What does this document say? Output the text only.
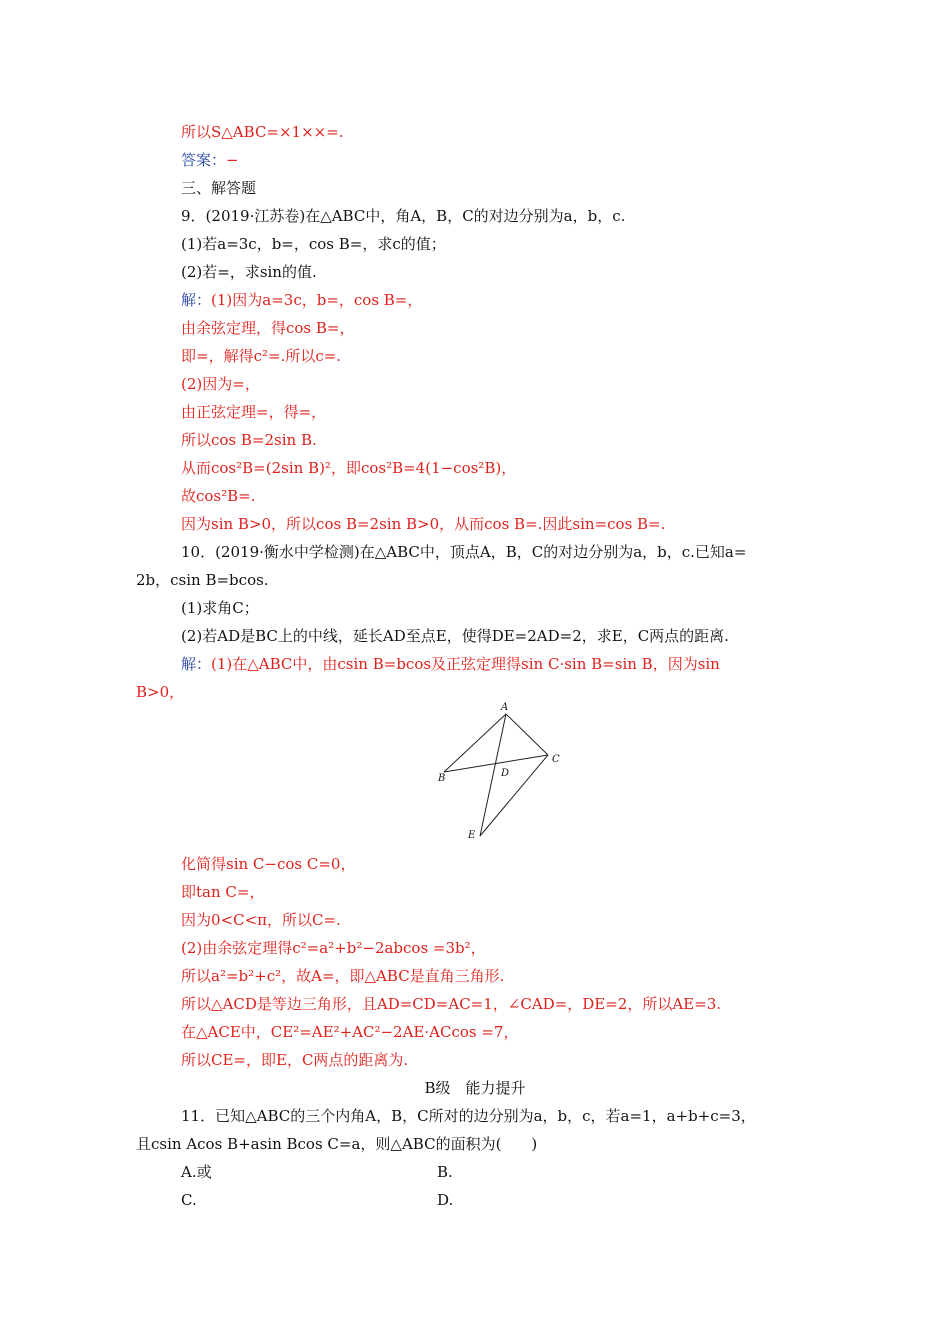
所以S△ABC=×1××=.
答案：−
三、解答题
9．(2019·江苏卷)在△ABC中，角A，B，C的对边分别为a，b，c.
(1)若a=3c，b=，cos B=，求c的值；
(2)若=，求sin的值.
解：(1)因为a=3c，b=，cos B=，
由余弦定理，得cos B=，
即=，解得c²=.所以c=.
(2)因为=，
由正弦定理=，得=，
所以cos B=2sin B.
从而cos²B=(2sin B)²，即cos²B=4(1−cos²B)，
故cos²B=.
因为sin B>0，所以cos B=2sin B>0，从而cos B=.因此sin=cos B=.
10．(2019·衡水中学检测)在△ABC中，顶点A，B，C的对边分别为a，b，c.已知a=
2b，csin B=bcos.
(1)求角C；
(2)若AD是BC上的中线，延长AD至点E，使得DE=2AD=2，求E，C两点的距离.
解：(1)在△ABC中，由csin B=bcos及正弦定理得sin C·sin B=sin B，因为sin
B>0，
A
B
C
D
E
化简得sin C−cos C=0，
即tan C=，
因为0<C<π，所以C=.
(2)由余弦定理得c²=a²+b²−2abcos =3b²，
所以a²=b²+c²，故A=，即△ABC是直角三角形.
所以△ACD是等边三角形，且AD=CD=AC=1，∠CAD=，DE=2，所以AE=3.
在△ACE中，CE²=AE²+AC²−2AE·ACcos =7，
所以CE=，即E，C两点的距离为.
B级　能力提升
11．已知△ABC的三个内角A，B，C所对的边分别为a，b，c，若a=1，a+b+c=3，
且csin Acos B+asin Bcos C=a，则△ABC的面积为(　　)
A.或	B.
C.	D.
